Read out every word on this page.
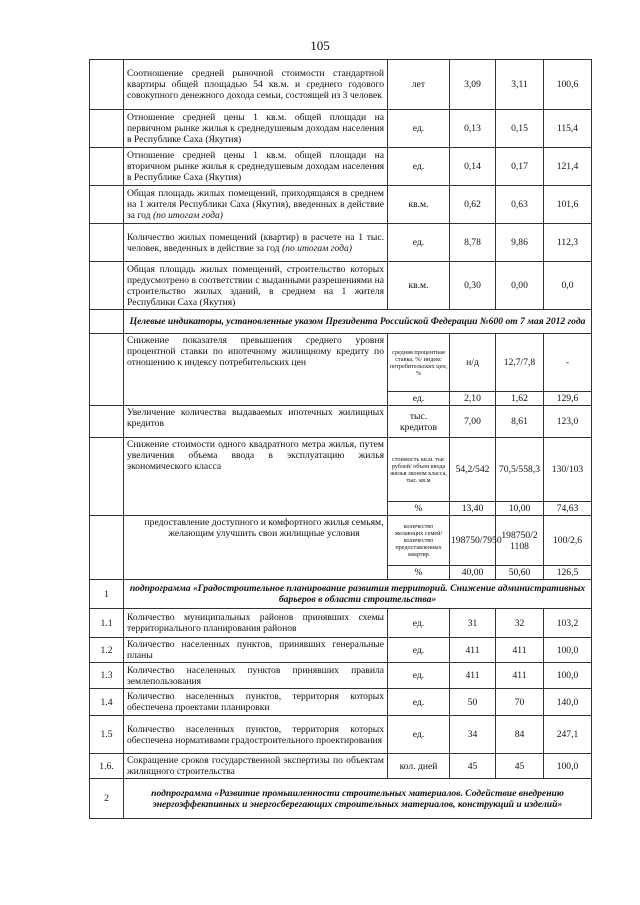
105
	Соотношение средней рыночной стоимости стандартной квартиры общей площадью 54 кв.м. и среднего годового совокупного денежного дохода семьи, состоящей из 3 человек	лет	3,09	3,11	100,6
	Отношение средней цены 1 кв.м. общей площади на первичном рынке жилья к среднедушевым доходам населения в Республике Саха (Якутия)	ед.	0,13	0,15	115,4
	Отношение средней цены 1 кв.м. общей площади на вторичном рынке жилья к среднедушевым доходам населения в Республике Саха (Якутия)	ед.	0,14	0,17	121,4
	Общая площадь жилых помещений, приходящаяся в среднем на 1 жителя Республики Саха (Якутия), введенных в действие за год (по итогам года)	кв.м.	0,62	0,63	101,6
	Количество жилых помещений (квартир) в расчете на 1 тыс. человек, введенных в действие за год (по итогам года)	ед.	8,78	9,86	112,3
	Общая площадь жилых помещений, строительство которых предусмотрено в соответствии с выданными разрешениями на строительство жилых зданий, в среднем на 1 жителя Республики Саха (Якутия)	кв.м.	0,30	0,00	0,0
	Целевые индикаторы, установленные указом Президента Российской Федерации №600 от 7 мая 2012 года				
	Снижение показателя превышения среднего уровня процентной ставки по ипотечному жилищному кредиту по отношению к индексу потребительских цен	средняя процентная ставка, %/ индекс потребительских цен, %	н/д	12,7/7,8	-
		ед.	2,10	1,62	129,6
	Увеличение количества выдаваемых ипотечных жилищных кредитов	тыс. кредитов	7,00	8,61	123,0
	Снижение стоимости одного квадратного метра жилья, путем увеличения объема ввода в эксплуатацию жилья экономического класса	стоимость кв.м. тыс рублей/ объем ввода жилья эконом класса, тыс. кв.м	54,2/542	70,5/558,3	130/103
		%	13,40	10,00	74,63
	предоставление доступного и комфортного жилья семьям, желающим улучшить свои жилищные условия	количество желающих семей/количество предоставленных квартир	198750/7950	198750/2 1108	100/2,6
		%	40,00	50,60	126,5
1	подпрограмма «Градостроительное планирование развития территорий. Снижение административных барьеров в области строительства»				
1.1	Количество муниципальных районов принявших схемы территориального планирования районов	ед.	31	32	103,2
1.2	Количество населенных пунктов, принявших генеральные планы	ед.	411	411	100,0
1.3	Количество населенных пунктов принявших правила землепользования	ед.	411	411	100,0
1.4	Количество населенных пунктов, территория которых обеспечена проектами планировки	ед.	50	70	140,0
1.5	Количество населенных пунктов, территория которых обеспечена нормативами градостроительного проектирования	ед.	34	84	247,1
1.6.	Сокращение сроков государственной экспертизы по объектам жилищного строительства	кол. дней	45	45	100,0
2	подпрограмма «Развитие промышленности строительных материалов. Содействие внедрению энергоэффективных и энергосберегающих строительных материалов, конструкций и изделий»				
